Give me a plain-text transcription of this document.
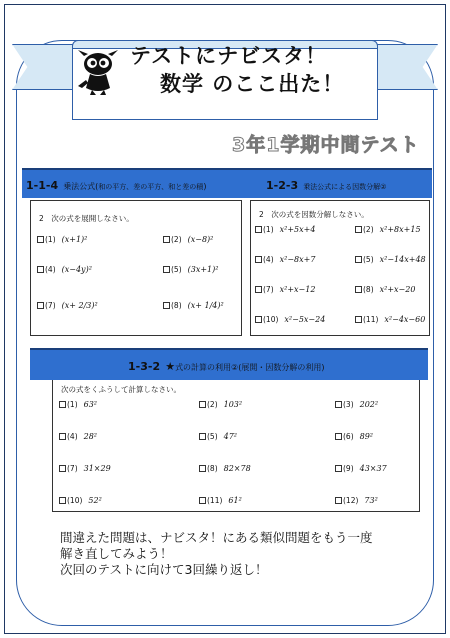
テストにナビスタ！
数学 のここ出た！
3年1学期中間テスト
1-1-4 乗法公式(和の平方、差の平方、和と差の積)
2　次の式を展開しなさい。
(1) (x+1)²	(2) (x−8)²
(4) (x−4y)²	(5) (3x+1)²
(7) (x+ 2/3)²	(8) (x+ 1/4)²
1-2-3 乗法公式による因数分解②
2　次の式を因数分解しなさい。
(1) x²+5x+4	(2) x²+8x+15
(4) x²−8x+7	(5) x²−14x+48
(7) x²+x−12	(8) x²+x−20
(10) x²−5x−24	(11) x²−4x−60
1-3-2 ★式の計算の利用②(展開・因数分解の利用)
次の式をくふうして計算しなさい。
(1) 63²	(2) 103²	(3) 202²
(4) 28²	(5) 47²	(6) 89²
(7) 31×29	(8) 82×78	(9) 43×37
(10) 52²	(11) 61²	(12) 73²
間違えた問題は、ナビスタ！にある類似問題をもう一度
解き直してみよう！
次回のテストに向けて3回繰り返し！
